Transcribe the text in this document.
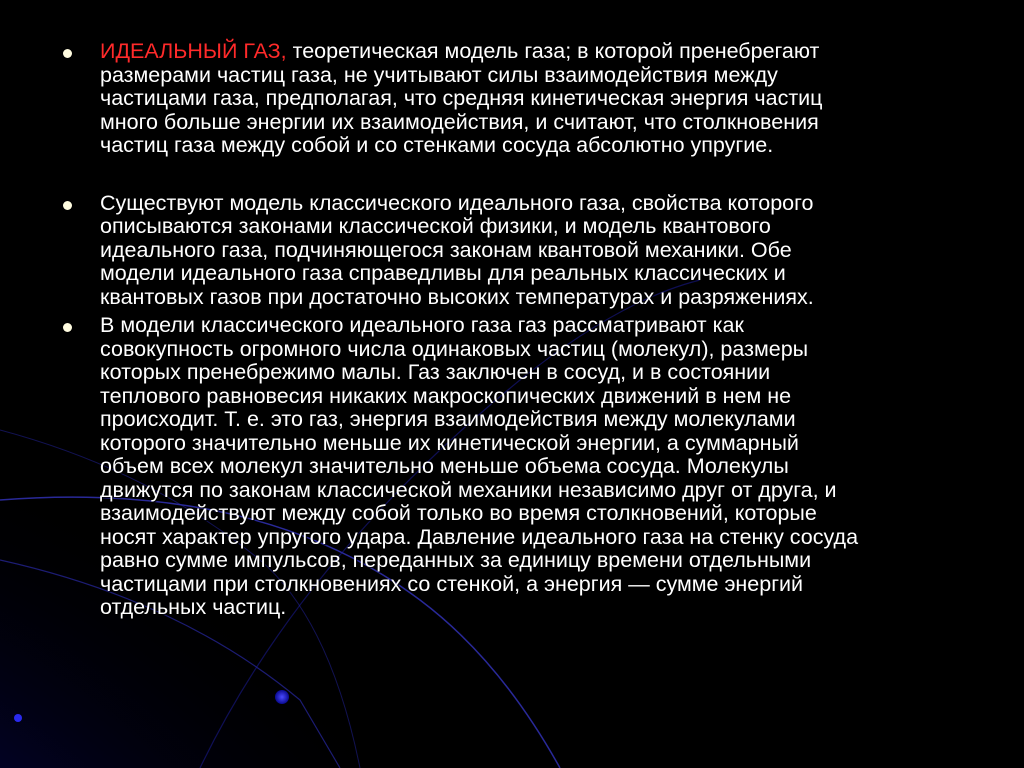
ИДЕАЛЬНЫЙ ГАЗ, теоретическая модель газа; в которой пренебрегают
размерами частиц газа, не учитывают силы взаимодействия между
частицами газа, предполагая, что средняя кинетическая энергия частиц
много больше энергии их взаимодействия, и считают, что столкновения
частиц газа между собой и со стенками сосуда абсолютно упругие.

Существуют модель классического идеального газа, свойства которого
описываются законами классической физики, и модель квантового
идеального газа, подчиняющегося законам квантовой механики. Обе
модели идеального газа справедливы для реальных классических и
квантовых газов при достаточно высоких температурах и разряжениях.

В модели классического идеального газа газ рассматривают как
совокупность огромного числа одинаковых частиц (молекул), размеры
которых пренебрежимо малы. Газ заключен в сосуд, и в состоянии
теплового равновесия никаких макроскопических движений в нем не
происходит. Т. е. это газ, энергия взаимодействия между молекулами
которого значительно меньше их кинетической энергии, а суммарный
объем всех молекул значительно меньше объема сосуда. Молекулы
движутся по законам классической механики независимо друг от друга, и
взаимодействуют между собой только во время столкновений, которые
носят характер упругого удара. Давление идеального газа на стенку сосуда
равно сумме импульсов, переданных за единицу времени отдельными
частицами при столкновениях со стенкой, а энергия — сумме энергий
отдельных частиц.
